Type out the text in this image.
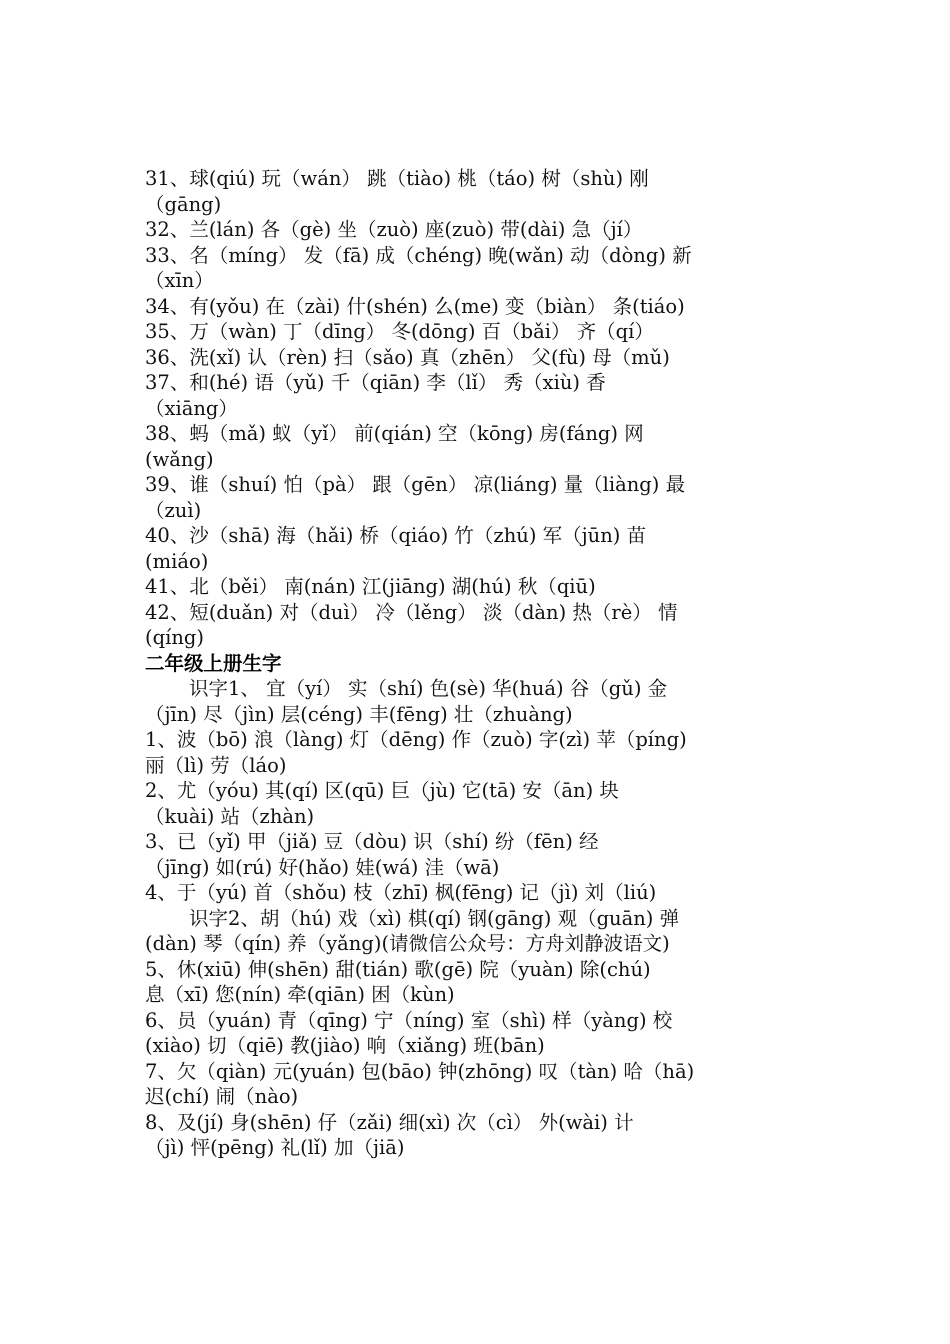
31、球(qiú) 玩（wán） 跳（tiào) 桃（táo) 树（shù) 刚
（gāng)
32、兰(lán) 各（gè) 坐（zuò) 座(zuò) 带(dài) 急（jí）
33、名（míng） 发（fā) 成（chéng) 晚(wǎn) 动（dòng) 新
（xīn）
34、有(yǒu) 在（zài) 什(shén) 么(me) 变（biàn） 条(tiáo)
35、万（wàn) 丁（dīng） 冬(dōng) 百（bǎi） 齐（qí）
36、洗(xǐ) 认（rèn) 扫（sǎo) 真（zhēn） 父(fù) 母（mǔ)
37、和(hé) 语（yǔ) 千（qiān) 李（lǐ） 秀（xiù) 香
（xiāng）
38、蚂（mǎ) 蚁（yǐ） 前(qián) 空（kōng) 房(fáng) 网
(wǎng)
39、谁（shuí) 怕（pà） 跟（gēn） 凉(liáng) 量（liàng) 最
（zuì)
40、沙（shā) 海（hǎi) 桥（qiáo) 竹（zhú) 军（jūn) 苗
(miáo)
41、北（běi） 南(nán) 江(jiāng) 湖(hú) 秋（qiū)
42、短(duǎn) 对（duì） 冷（lěng） 淡（dàn) 热（rè） 情
(qíng)
二年级上册生字
识字1、 宜（yí） 实（shí) 色(sè) 华(huá) 谷（gǔ) 金
（jīn) 尽（jìn) 层(céng) 丰(fēng) 壮（zhuàng)
1、波（bō) 浪（làng) 灯（dēng) 作（zuò) 字(zì) 苹（píng)
丽（lì) 劳（láo)
2、尤（yóu) 其(qí) 区(qū) 巨（jù) 它(tā) 安（ān) 块
（kuài) 站（zhàn)
3、已（yǐ) 甲（jiǎ) 豆（dòu) 识（shí) 纷（fēn) 经
（jīng) 如(rú) 好(hǎo) 娃(wá) 洼（wā)
4、于（yú) 首（shǒu) 枝（zhī) 枫(fēng) 记（jì) 刘（liú)
识字2、胡（hú) 戏（xì) 棋(qí) 钢(gāng) 观（guān) 弹
(dàn) 琴（qín) 养（yǎng)(请微信公众号：方舟刘静波语文)
5、休(xiū) 伸(shēn) 甜(tián) 歌(gē) 院（yuàn) 除(chú)
息（xī) 您(nín) 牵(qiān) 困（kùn)
6、员（yuán) 青（qīng) 宁（níng) 室（shì) 样（yàng) 校
(xiào) 切（qiē) 教(jiào) 响（xiǎng) 班(bān)
7、欠（qiàn) 元(yuán) 包(bāo) 钟(zhōng) 叹（tàn) 哈（hā)
迟(chí) 闹（nào)
8、及(jí) 身(shēn) 仔（zǎi) 细(xì) 次（cì） 外(wài) 计
（jì) 怦(pēng) 礼(lǐ) 加（jiā)
